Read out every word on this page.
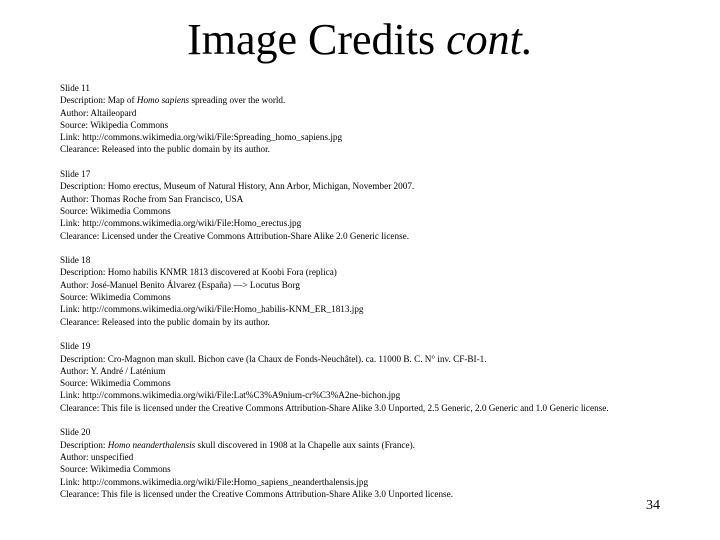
Image Credits cont.
Slide 11
Description: Map of Homo sapiens spreading over the world.
Author: Altaileopard
Source: Wikipedia Commons
Link: http://commons.wikimedia.org/wiki/File:Spreading_homo_sapiens.jpg
Clearance: Released into the public domain by its author.
Slide 17
Description: Homo erectus, Museum of Natural History, Ann Arbor, Michigan, November 2007.
Author: Thomas Roche from San Francisco, USA
Source: Wikimedia Commons
Link: http://commons.wikimedia.org/wiki/File:Homo_erectus.jpg
Clearance: Licensed under the Creative Commons Attribution-Share Alike 2.0 Generic license.
Slide 18
Description: Homo habilis KNMR 1813 discovered at Koobi Fora (replica)
Author: José-Manuel Benito Álvarez (España) —> Locutus Borg
Source: Wikimedia Commons
Link: http://commons.wikimedia.org/wiki/File:Homo_habilis-KNM_ER_1813.jpg
Clearance: Released into the public domain by its author.
Slide 19
Description: Cro-Magnon man skull. Bichon cave (la Chaux de Fonds-Neuchâtel). ca. 11000 B. C. N° inv. CF-BI-1.
Author: Y. André / Laténium
Source: Wikimedia Commons
Link: http://commons.wikimedia.org/wiki/File:Lat%C3%A9nium-cr%C3%A2ne-bichon.jpg
Clearance: This file is licensed under the Creative Commons Attribution-Share Alike 3.0 Unported, 2.5 Generic, 2.0 Generic and 1.0 Generic license.
Slide 20
Description: Homo neanderthalensis skull discovered in 1908 at la Chapelle aux saints (France).
Author: unspecified
Source: Wikimedia Commons
Link: http://commons.wikimedia.org/wiki/File:Homo_sapiens_neanderthalensis.jpg
Clearance: This file is licensed under the Creative Commons Attribution-Share Alike 3.0 Unported license.
34
